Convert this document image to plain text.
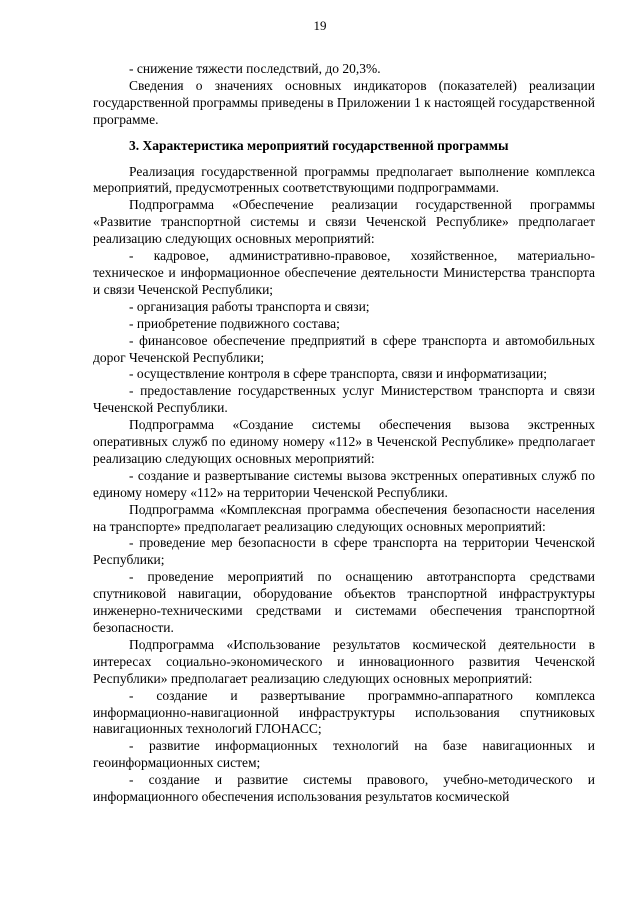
19

- снижение тяжести последствий, до 20,3%.

Сведения о значениях основных индикаторов (показателей) реализации государственной программы приведены в Приложении 1 к настоящей государственной программе.

3. Характеристика мероприятий государственной программы

Реализация государственной программы предполагает выполнение комплекса мероприятий, предусмотренных соответствующими подпрограммами.

Подпрограмма «Обеспечение реализации государственной программы «Развитие транспортной системы и связи Чеченской Республике» предполагает реализацию следующих основных мероприятий:

- кадровое, административно-правовое, хозяйственное, материально-техническое и информационное обеспечение деятельности Министерства транспорта и связи Чеченской Республики;

- организация работы транспорта и связи;

- приобретение подвижного состава;

- финансовое обеспечение предприятий в сфере транспорта и автомобильных дорог Чеченской Республики;

- осуществление контроля в сфере транспорта, связи и информатизации;

- предоставление государственных услуг Министерством транспорта и связи Чеченской Республики.

Подпрограмма «Создание системы обеспечения вызова экстренных оперативных служб по единому номеру «112» в Чеченской Республике» предполагает реализацию следующих основных мероприятий:

- создание и развертывание системы вызова экстренных оперативных служб по единому номеру «112» на территории Чеченской Республики.

Подпрограмма «Комплексная программа обеспечения безопасности населения на транспорте» предполагает реализацию следующих основных мероприятий:

- проведение мер безопасности в сфере транспорта на территории Чеченской Республики;

- проведение мероприятий по оснащению автотранспорта средствами спутниковой навигации, оборудование объектов транспортной инфраструктуры инженерно-техническими средствами и системами обеспечения транспортной безопасности.

Подпрограмма «Использование результатов космической деятельности в интересах социально-экономического и инновационного развития Чеченской Республики» предполагает реализацию следующих основных мероприятий:

- создание и развертывание программно-аппаратного комплекса информационно-навигационной инфраструктуры использования спутниковых навигационных технологий ГЛОНАСС;

- развитие информационных технологий на базе навигационных и геоинформационных систем;

- создание и развитие системы правового, учебно-методического и информационного обеспечения использования результатов космической
